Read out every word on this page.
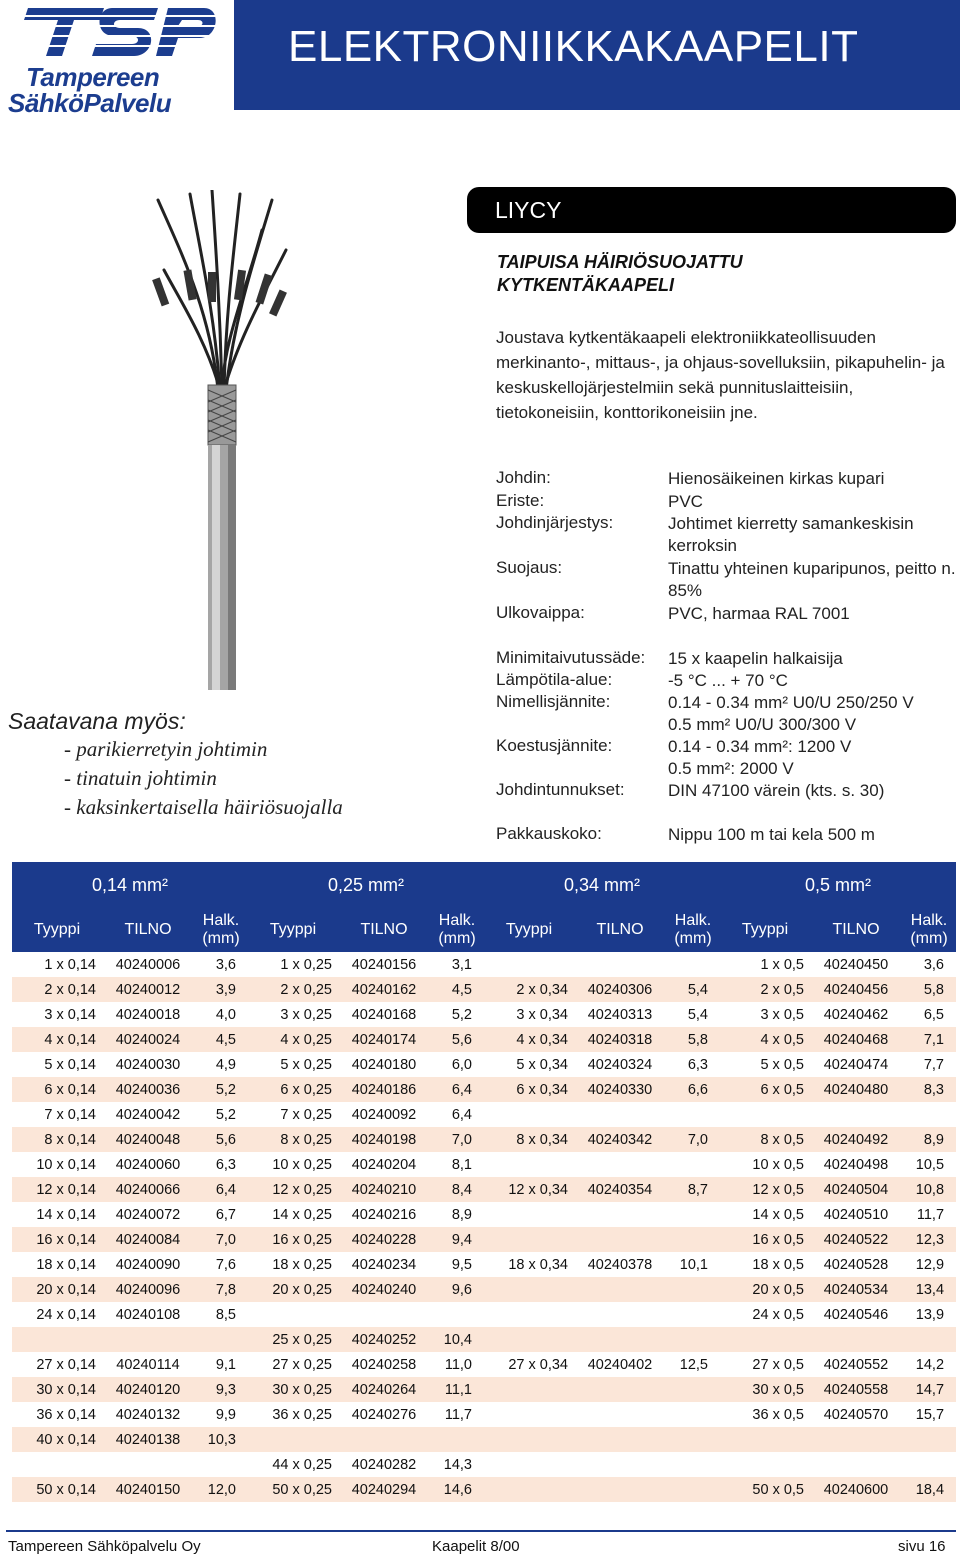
Tampereen
SähköPalvelu
ELEKTRONIIKKAKAAPELIT
LIYCY
TAIPUISA HÄIRIÖSUOJATTU
KYTKENTÄKAAPELI
Joustava kytkentäkaapeli elektroniikkateollisuuden merkinanto-, mittaus-, ja ohjaus-sovelluksiin, pikapuhelin- ja keskuskellojärjestelmiin sekä punnituslaitteisiin, tietokoneisiin, konttorikoneisiin jne.
Johdin:	Hienosäikeinen kirkas kupari
Eriste:	PVC
Johdinjärjestys:	Johtimet kierretty samankeskisin kerroksin
Suojaus:	Tinattu yhteinen kuparipunos, peitto n. 85%
Ulkovaippa:	PVC, harmaa RAL 7001
Minimitaivutussäde: 15 x kaapelin halkaisija
Lämpötila-alue:	-5 °C ... + 70 °C
Nimellisjännite:	0.14 - 0.34 mm² U0/U 250/250 V
0.5 mm² U0/U 300/300 V
Koestusjännite:	0.14 - 0.34 mm²: 1200 V
0.5 mm²: 2000 V
Johdintunnukset:	DIN 47100 värein (kts. s. 30)
Pakkauskoko:	Nippu 100 m tai kela 500 m
Saatavana myös:
- parikierretyin johtimin
- tinatuin johtimin
- kaksinkertaisella häiriösuojalla
0,14 mm²			0,25 mm²			0,34 mm²			0,5 mm²		
Tyyppi	TILNO	Halk.
(mm)	Tyyppi	TILNO	Halk.
(mm)	Tyyppi	TILNO	Halk.
(mm)	Tyyppi	TILNO	Halk.
(mm)
1 x 0,14	40240006	3,6	1 x 0,25	40240156	3,1				1 x 0,5	40240450	3,6
2 x 0,14	40240012	3,9	2 x 0,25	40240162	4,5	2 x 0,34	40240306	5,4	2 x 0,5	40240456	5,8
3 x 0,14	40240018	4,0	3 x 0,25	40240168	5,2	3 x 0,34	40240313	5,4	3 x 0,5	40240462	6,5
4 x 0,14	40240024	4,5	4 x 0,25	40240174	5,6	4 x 0,34	40240318	5,8	4 x 0,5	40240468	7,1
5 x 0,14	40240030	4,9	5 x 0,25	40240180	6,0	5 x 0,34	40240324	6,3	5 x 0,5	40240474	7,7
6 x 0,14	40240036	5,2	6 x 0,25	40240186	6,4	6 x 0,34	40240330	6,6	6 x 0,5	40240480	8,3
7 x 0,14	40240042	5,2	7 x 0,25	40240092	6,4						
8 x 0,14	40240048	5,6	8 x 0,25	40240198	7,0	8 x 0,34	40240342	7,0	8 x 0,5	40240492	8,9
10 x 0,14	40240060	6,3	10 x 0,25	40240204	8,1				10 x 0,5	40240498	10,5
12 x 0,14	40240066	6,4	12 x 0,25	40240210	8,4	12 x 0,34	40240354	8,7	12 x 0,5	40240504	10,8
14 x 0,14	40240072	6,7	14 x 0,25	40240216	8,9				14 x 0,5	40240510	11,7
16 x 0,14	40240084	7,0	16 x 0,25	40240228	9,4				16 x 0,5	40240522	12,3
18 x 0,14	40240090	7,6	18 x 0,25	40240234	9,5	18 x 0,34	40240378	10,1	18 x 0,5	40240528	12,9
20 x 0,14	40240096	7,8	20 x 0,25	40240240	9,6				20 x 0,5	40240534	13,4
24 x 0,14	40240108	8,5							24 x 0,5	40240546	13,9
			25 x 0,25	40240252	10,4						
27 x 0,14	40240114	9,1	27 x 0,25	40240258	11,0	27 x 0,34	40240402	12,5	27 x 0,5	40240552	14,2
30 x 0,14	40240120	9,3	30 x 0,25	40240264	11,1				30 x 0,5	40240558	14,7
36 x 0,14	40240132	9,9	36 x 0,25	40240276	11,7				36 x 0,5	40240570	15,7
40 x 0,14	40240138	10,3									
			44 x 0,25	40240282	14,3						
50 x 0,14	40240150	12,0	50 x 0,25	40240294	14,6				50 x 0,5	40240600	18,4
Tampereen Sähköpalvelu Oy	Kaapelit 8/00	sivu 16
